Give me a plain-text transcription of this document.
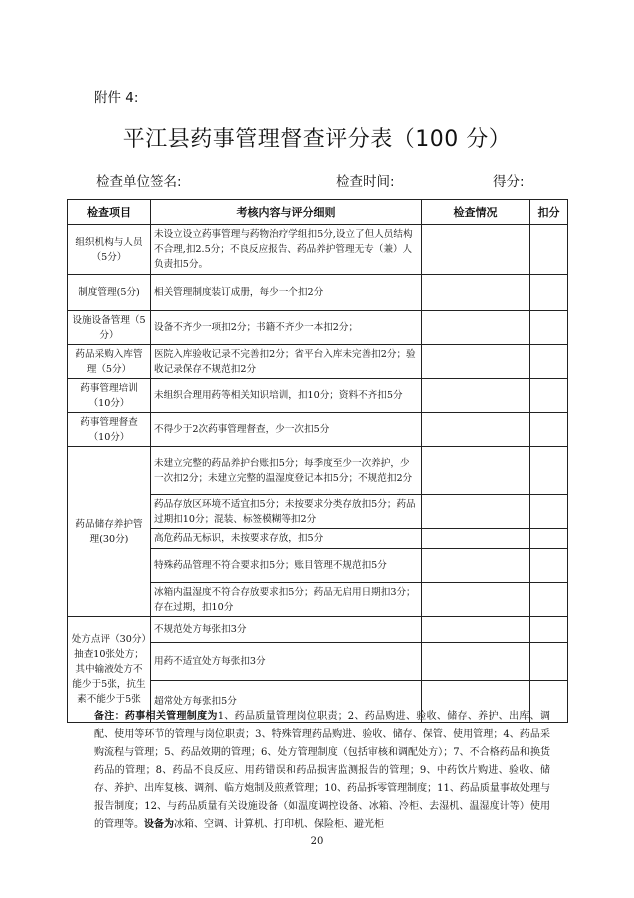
附件 4:
平江县药事管理督查评分表（100 分）
检查单位签名:	检查时间:	得分:
检查项目	考核内容与评分细则	检查情况	扣分
组织机构与人员（5分）	未设立设立药事管理与药物治疗学组扣5分,设立了但人员结构不合理,扣2.5分；不良反应报告、药品养护管理无专（兼）人负责扣5分。		
制度管理(5分)	相关管理制度装订成册，每少一个扣2分		
设施设备管理（5分）	设备不齐少一项扣2分；书籍不齐少一本扣2分；		
药品采购入库管理（5分）	医院入库验收记录不完善扣2分；省平台入库未完善扣2分；验收记录保存不规范扣2分		
药事管理培训（10分）	未组织合理用药等相关知识培训，扣10分；资料不齐扣5分		
药事管理督查（10分）	不得少于2次药事管理督查，少一次扣5分		
药品储存养护管理(30分)	未建立完整的药品养护台账扣5分；每季度至少一次养护，少一次扣2分；未建立完整的温湿度登记本扣5分；不规范扣2分		
	药品存放区环境不适宜扣5分；未按要求分类存放扣5分；药品过期扣10分；混装、标签模糊等扣2分		
	高危药品无标识，未按要求存放，扣5分		
	特殊药品管理不符合要求扣5分；账目管理不规范扣5分		
	冰箱内温湿度不符合存放要求扣5分；药品无启用日期扣3分；存在过期，扣10分		
处方点评（30分）抽查10张处方；其中输液处方不能少于5张，抗生素不能少于5张	不规范处方每张扣3分		
	用药不适宜处方每张扣3分		
	超常处方每张扣5分		
备注：药事相关管理制度为1、药品质量管理岗位职责；2、药品购进、验收、储存、养护、出库、调配、使用等环节的管理与岗位职责；3、特殊管理药品购进、验收、储存、保管、使用管理；4、药品采购流程与管理；5、药品效期的管理；6、处方管理制度（包括审核和调配处方）；7、不合格药品和换货药品的管理；8、药品不良反应、用药错误和药品损害监测报告的管理；9、中药饮片购进、验收、储存、养护、出库复核、调剂、临方炮制及煎煮管理；10、药品拆零管理制度；11、药品质量事故处理与报告制度；12、与药品质量有关设施设备（如温度调控设备、冰箱、冷柜、去湿机、温湿度计等）使用的管理等。设备为冰箱、空调、计算机、打印机、保险柜、避光柜
20
